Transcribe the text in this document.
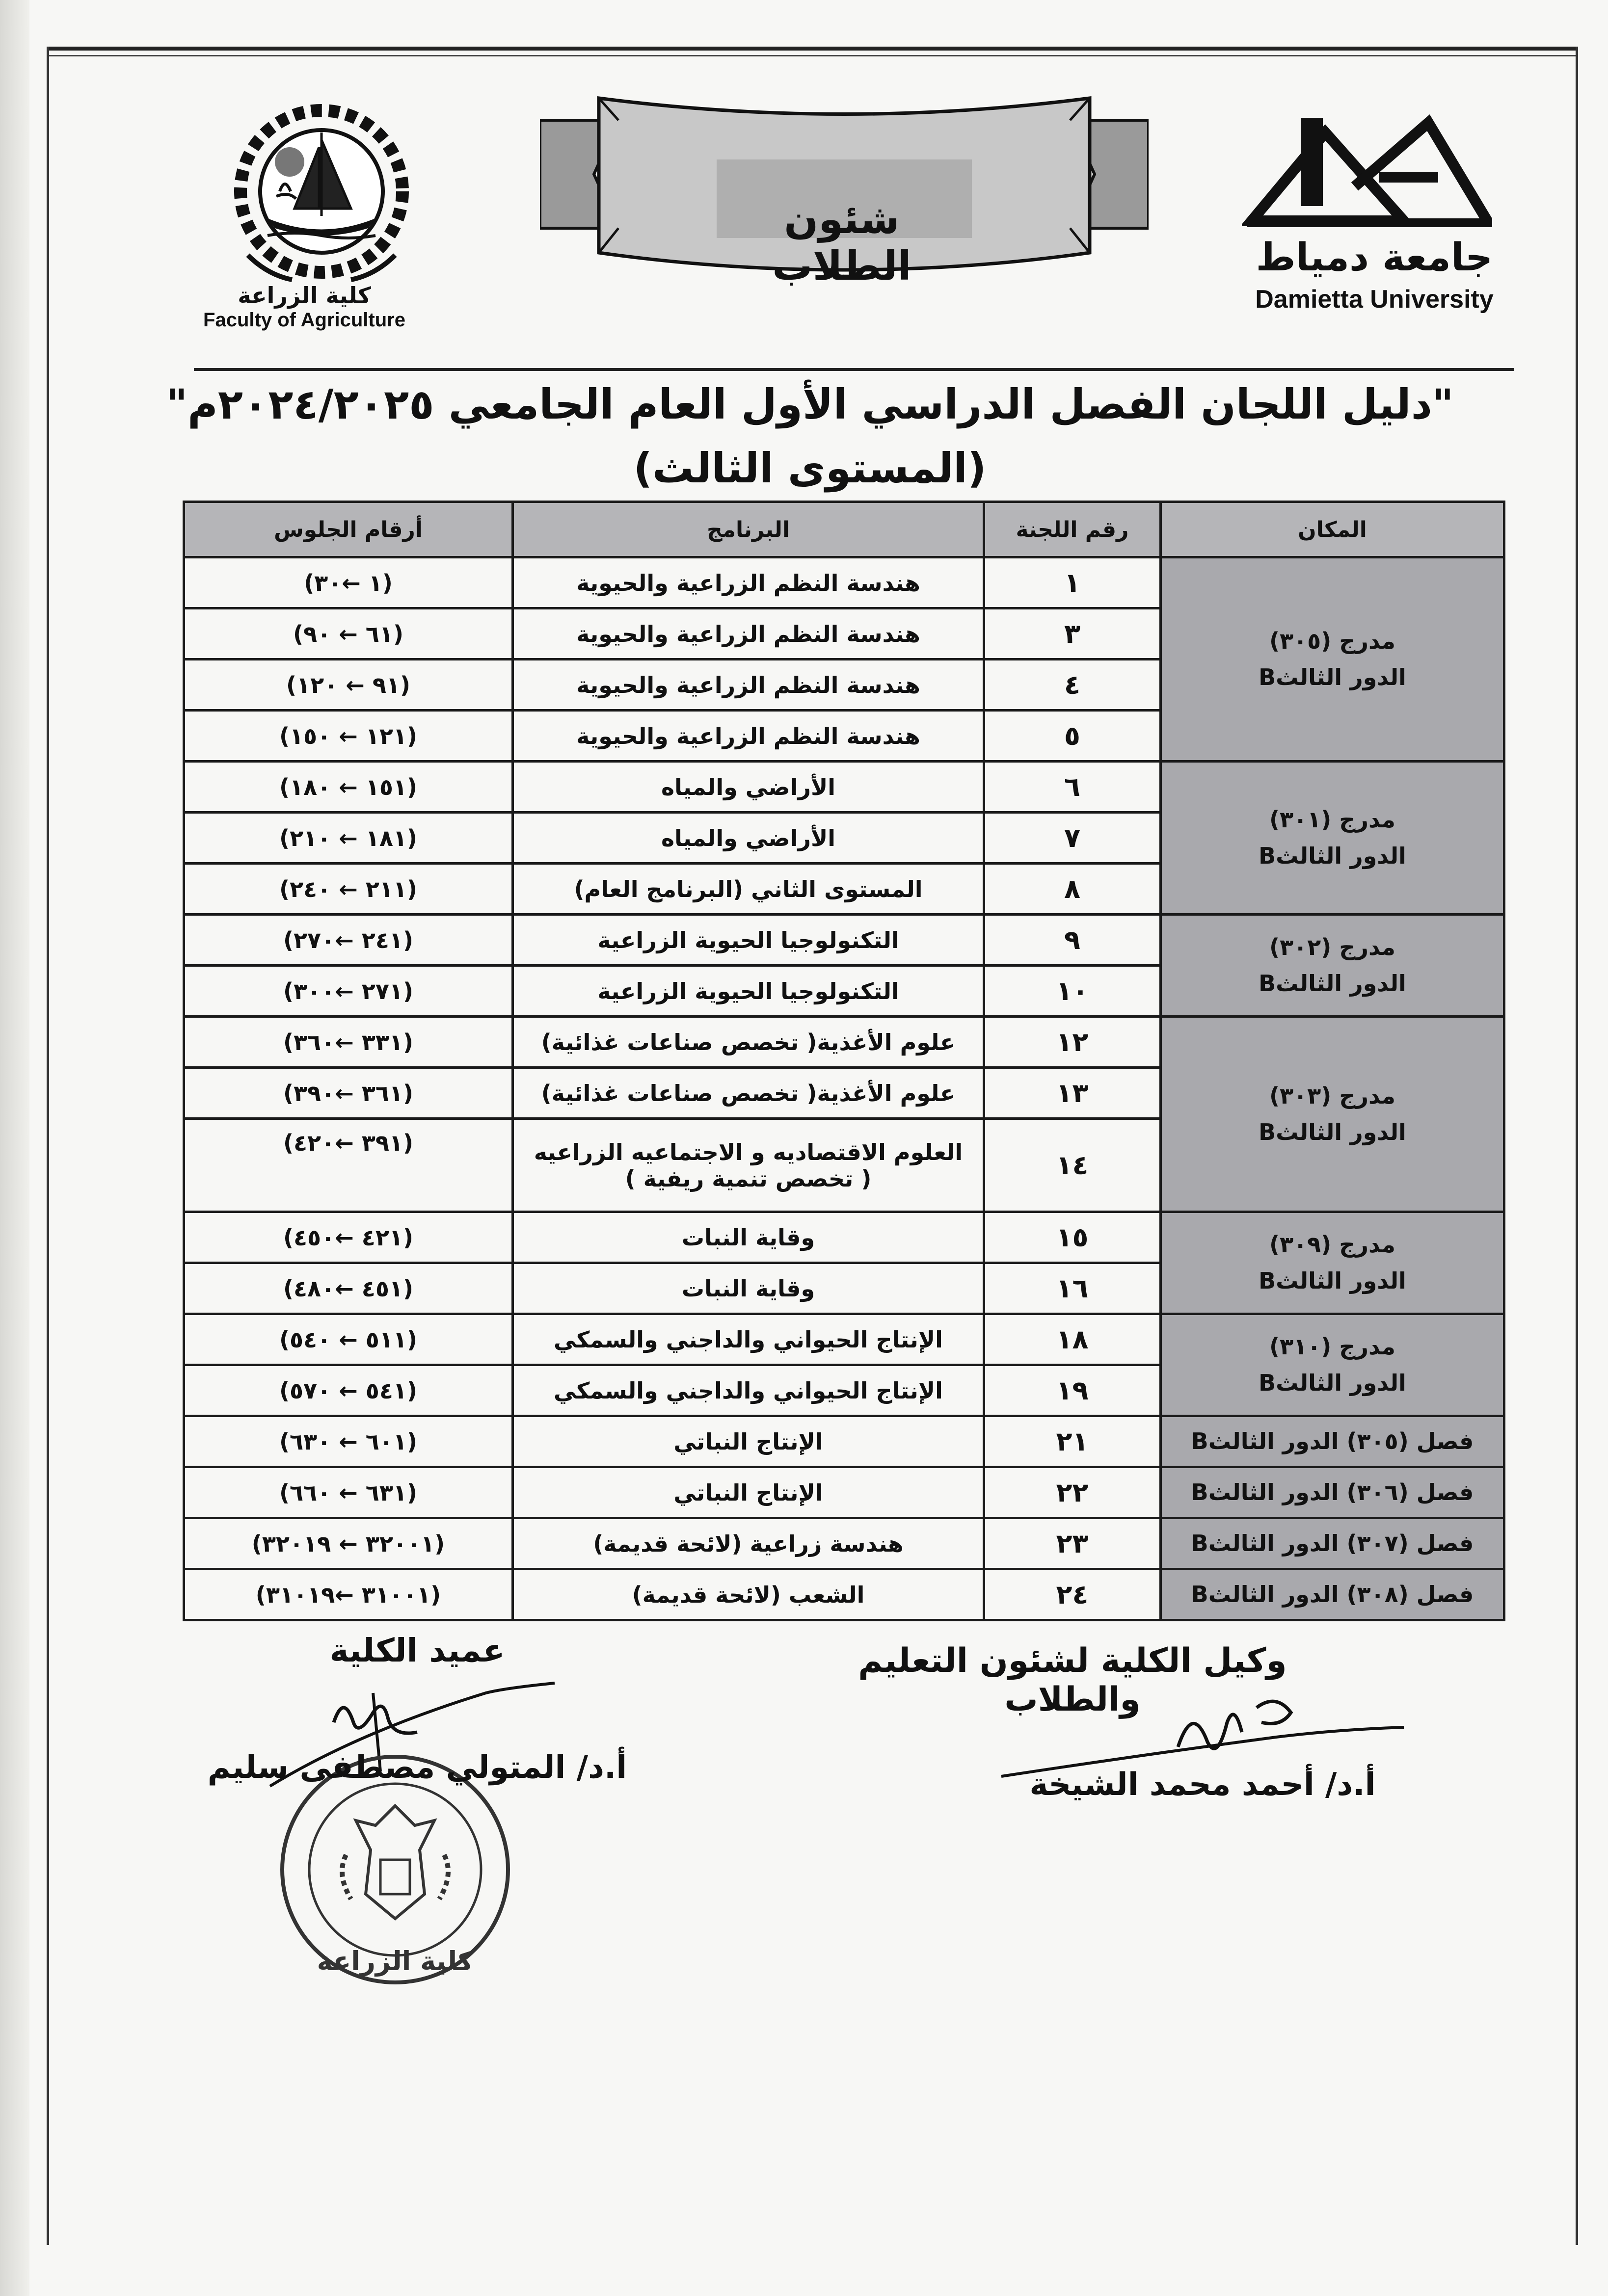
كلية الزراعة
Faculty of Agriculture
شئون الطلاب	جامعة دمياط
Damietta University
"دليل اللجان الفصل الدراسي الأول العام الجامعي ٢٠٢٤/٢٠٢٥م"
(المستوى الثالث)
المكان	رقم اللجنة	البرنامج	أرقام الجلوس

مدرج (٣٠٥)
الدور الثالثB	١	هندسة النظم الزراعية والحيوية	(١ ←٣٠)
	٣	هندسة النظم الزراعية والحيوية	(٦١ ← ٩٠)
	٤	هندسة النظم الزراعية والحيوية	(٩١ ← ١٢٠)
	٥	هندسة النظم الزراعية والحيوية	(١٢١ ← ١٥٠)

مدرج (٣٠١)
الدور الثالثB	٦	الأراضي والمياه	(١٥١ ← ١٨٠)
	٧	الأراضي والمياه	(١٨١ ← ٢١٠)
	٨	المستوى الثاني (البرنامج العام)	(٢١١ ← ٢٤٠)

مدرج (٣٠٢)
الدور الثالثB	٩	التكنولوجيا الحيوية الزراعية	(٢٤١ ←٢٧٠)
	١٠	التكنولوجيا الحيوية الزراعية	(٢٧١ ←٣٠٠)

مدرج (٣٠٣)
الدور الثالثB	١٢	علوم الأغذية( تخصص صناعات غذائية)	(٣٣١ ←٣٦٠)
	١٣	علوم الأغذية( تخصص صناعات غذائية)	(٣٦١ ←٣٩٠)
	١٤	العلوم الاقتصاديه و الاجتماعيه الزراعيه
( تخصص تنمية ريفية )	(٣٩١ ←٤٢٠)

مدرج (٣٠٩)
الدور الثالثB	١٥	وقاية النبات	(٤٢١ ←٤٥٠)
	١٦	وقاية النبات	(٤٥١ ←٤٨٠)

مدرج (٣١٠)
الدور الثالثB	١٨	الإنتاج الحيواني والداجني والسمكي	(٥١١ ← ٥٤٠)
	١٩	الإنتاج الحيواني والداجني والسمكي	(٥٤١ ← ٥٧٠)
فصل (٣٠٥) الدور الثالثB	٢١	الإنتاج النباتي	(٦٠١ ← ٦٣٠)
فصل (٣٠٦) الدور الثالثB	٢٢	الإنتاج النباتي	(٦٣١ ← ٦٦٠)
فصل (٣٠٧) الدور الثالثB	٢٣	هندسة زراعية (لائحة قديمة)	(٣٢٠٠١ ← ٣٢٠١٩)
فصل (٣٠٨) الدور الثالثB	٢٤	الشعب (لائحة قديمة)	(٣١٠٠١ ←٣١٠١٩)
عميد الكلية	وكيل الكلية لشئون التعليم والطلاب
كلية الزراعة
أ.د/ المتولي مصطفى سليم	أ.د/ أحمد محمد الشيخة
